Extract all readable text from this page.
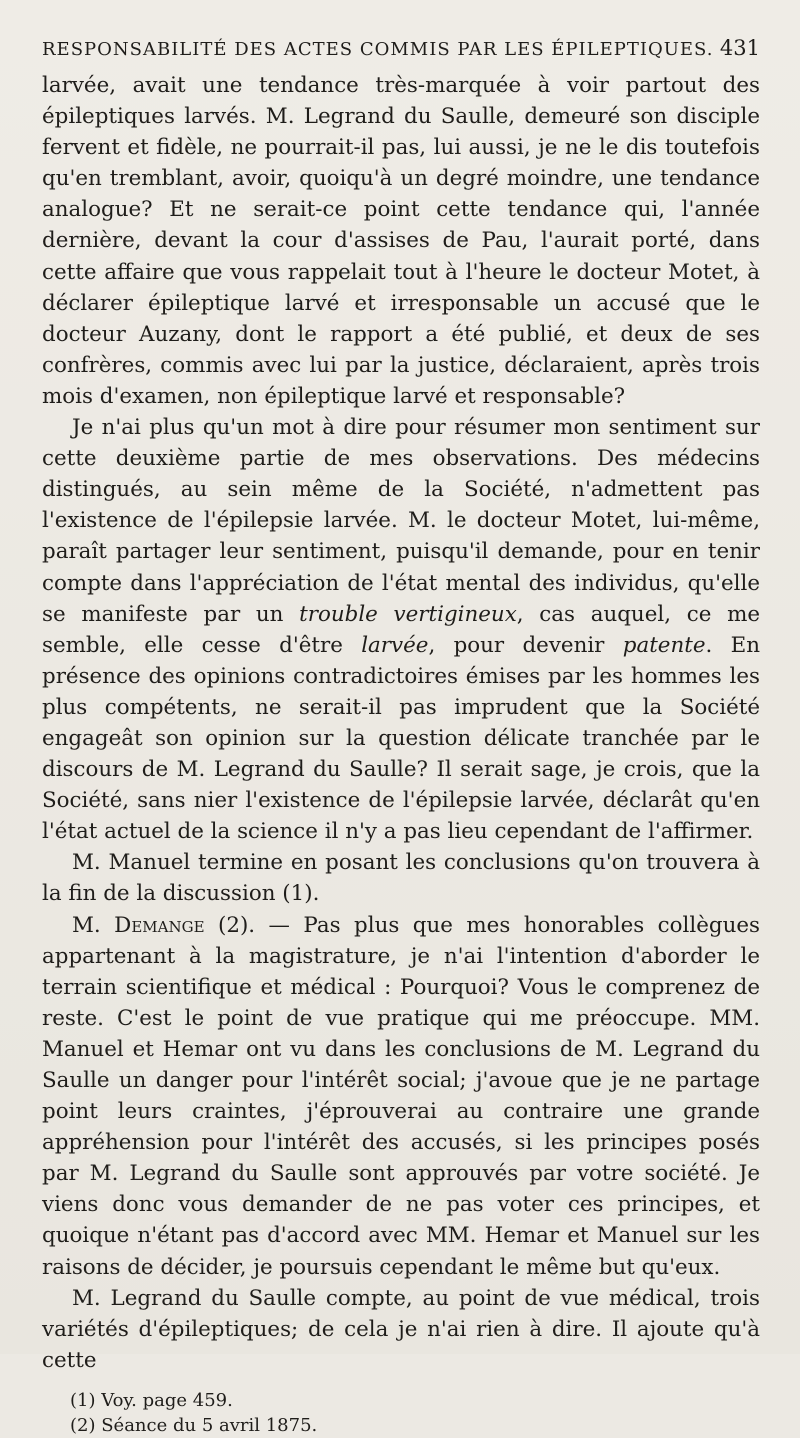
RESPONSABILITÉ DES ACTES COMMIS PAR LES ÉPILEPTIQUES. 431

larvée, avait une tendance très-marquée à voir partout des épileptiques larvés. M. Legrand du Saulle, demeuré son disciple fervent et fidèle, ne pourrait-il pas, lui aussi, je ne le dis toutefois qu'en tremblant, avoir, quoiqu'à un degré moindre, une tendance analogue? Et ne serait-ce point cette tendance qui, l'année dernière, devant la cour d'assises de Pau, l'aurait porté, dans cette affaire que vous rappelait tout à l'heure le docteur Motet, à déclarer épileptique larvé et irresponsable un accusé que le docteur Auzany, dont le rapport a été publié, et deux de ses confrères, commis avec lui par la justice, déclaraient, après trois mois d'examen, non épileptique larvé et responsable?

Je n'ai plus qu'un mot à dire pour résumer mon sentiment sur cette deuxième partie de mes observations. Des médecins distingués, au sein même de la Société, n'admettent pas l'existence de l'épilepsie larvée. M. le docteur Motet, lui-même, paraît partager leur sentiment, puisqu'il demande, pour en tenir compte dans l'appréciation de l'état mental des individus, qu'elle se manifeste par un trouble vertigineux, cas auquel, ce me semble, elle cesse d'être larvée, pour devenir patente. En présence des opinions contradictoires émises par les hommes les plus compétents, ne serait-il pas imprudent que la Société engageât son opinion sur la question délicate tranchée par le discours de M. Legrand du Saulle? Il serait sage, je crois, que la Société, sans nier l'existence de l'épilepsie larvée, déclarât qu'en l'état actuel de la science il n'y a pas lieu cependant de l'affirmer.

M. Manuel termine en posant les conclusions qu'on trouvera à la fin de la discussion (1).

M. Demange (2). — Pas plus que mes honorables collègues appartenant à la magistrature, je n'ai l'intention d'aborder le terrain scientifique et médical : Pourquoi? Vous le comprenez de reste. C'est le point de vue pratique qui me préoccupe. MM. Manuel et Hemar ont vu dans les conclusions de M. Legrand du Saulle un danger pour l'intérêt social; j'avoue que je ne partage point leurs craintes, j'éprouverai au contraire une grande appréhension pour l'intérêt des accusés, si les principes posés par M. Legrand du Saulle sont approuvés par votre société. Je viens donc vous demander de ne pas voter ces principes, et quoique n'étant pas d'accord avec MM. Hemar et Manuel sur les raisons de décider, je poursuis cependant le même but qu'eux.

M. Legrand du Saulle compte, au point de vue médical, trois variétés d'épileptiques; de cela je n'ai rien à dire. Il ajoute qu'à cette

(1) Voy. page 459.
(2) Séance du 5 avril 1875.
